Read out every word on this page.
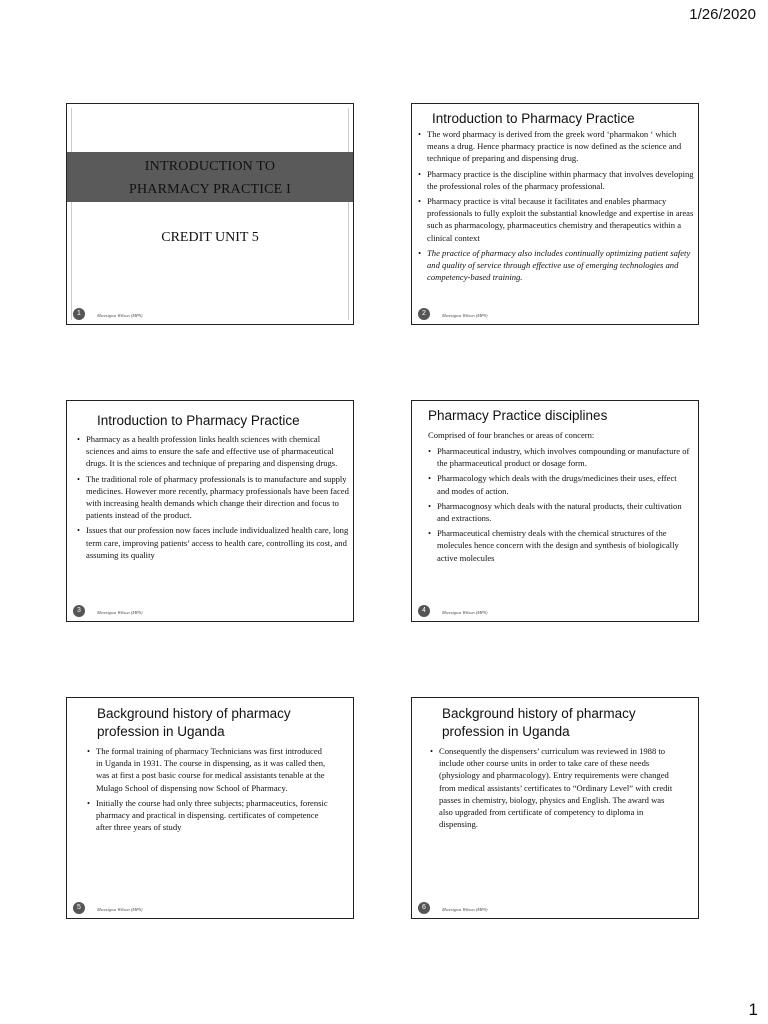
1/26/2020
INTRODUCTION TO
PHARMACY PRACTICE I
CREDIT UNIT 5
1	Mwesigwa Wilson (MPS)
Introduction to Pharmacy Practice
• The word pharmacy is derived from the greek word ‘pharmakon ‘ which means a drug. Hence pharmacy practice is now defined as the science and technique of preparing and dispensing drug.
• Pharmacy practice is the discipline within pharmacy that involves developing the professional roles of the pharmacy professional.
• Pharmacy practice is vital because it facilitates and enables pharmacy professionals to fully exploit the substantial knowledge and expertise in areas such as pharmacology, pharmaceutics chemistry and therapeutics within a clinical context
• The practice of pharmacy also includes continually optimizing patient safety and quality of service through effective use of emerging technologies and competency-based training.
2	Mwesigwa Wilson (MPS)
Introduction to Pharmacy Practice
• Pharmacy as a health profession links health sciences with chemical sciences and aims to ensure the safe and effective use of pharmaceutical drugs. It is the sciences and technique of preparing and dispensing drugs.
• The traditional role of pharmacy professionals is to manufacture and supply medicines. However more recently, pharmacy professionals have been faced with increasing health demands which change their direction and focus to patients instead of the product.
• Issues that our profession now faces include individualized health care, long term care, improving patients’ access to health care, controlling its cost, and assuming its quality
3	Mwesigwa Wilson (MPS)
Pharmacy Practice disciplines
Comprised of four branches or areas of concern:
• Pharmaceutical industry, which involves compounding or manufacture of the pharmaceutical product or dosage form.
• Pharmacology which deals with the drugs/medicines their uses, effect and modes of action.
• Pharmacognosy which deals with the natural products, their cultivation and extractions.
• Pharmaceutical chemistry deals with the chemical structures of the molecules hence concern with the design and synthesis of biologically active molecules
4	Mwesigwa Wilson (MPS)
Background history of pharmacy
profession in Uganda
• The formal training of pharmacy Technicians was first introduced in Uganda in 1931. The course in dispensing, as it was called then, was at first a post basic course for medical assistants tenable at the Mulago School of dispensing now School of Pharmacy.
• Initially the course had only three subjects; pharmaceutics, forensic pharmacy and practical in dispensing. certificates of competence after three years of study
5	Mwesigwa Wilson (MPS)
Background history of pharmacy
profession in Uganda
• Consequently the dispensers’ curriculum was reviewed in 1988 to include other course units in order to take care of these needs (physiology and pharmacology). Entry requirements were changed from medical assistants’ certificates to “Ordinary Level” with credit passes in chemistry, biology, physics and English. The award was also upgraded from certificate of competency to diploma in dispensing.
6	Mwesigwa Wilson (MPS)
1
